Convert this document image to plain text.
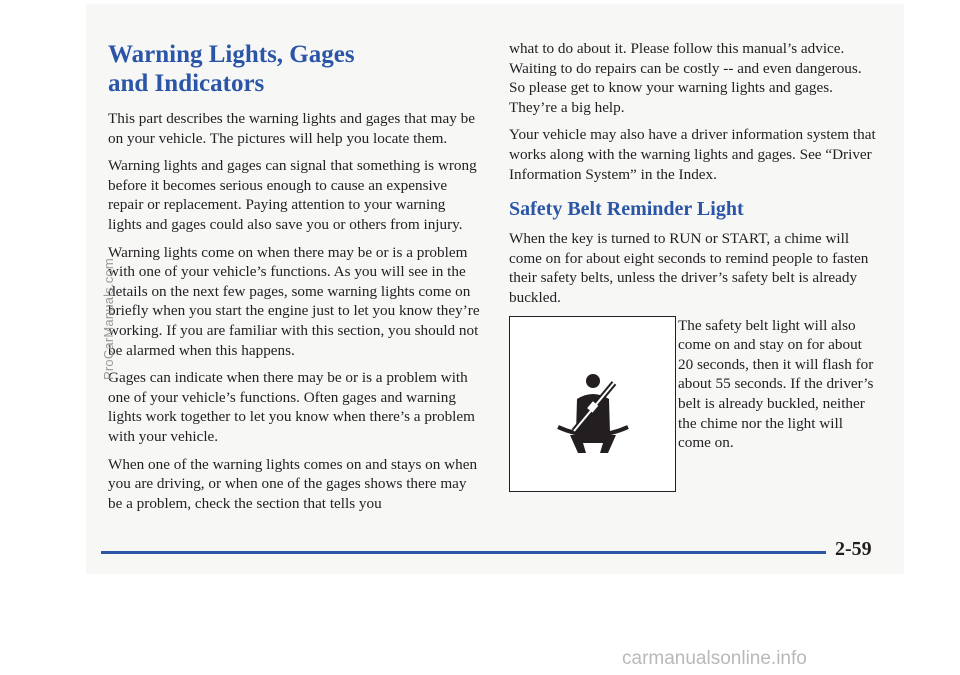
Warning Lights, Gages
and Indicators

This part describes the warning lights and gages that may be on your vehicle. The pictures will help you locate them.

Warning lights and gages can signal that something is wrong before it becomes serious enough to cause an expensive repair or replacement. Paying attention to your warning lights and gages could also save you or others from injury.

Warning lights come on when there may be or is a problem with one of your vehicle’s functions. As you will see in the details on the next few pages, some warning lights come on briefly when you start the engine just to let you know they’re working. If you are familiar with this section, you should not be alarmed when this happens.

Gages can indicate when there may be or is a problem with one of your vehicle’s functions. Often gages and warning lights work together to let you know when there’s a problem with your vehicle.

When one of the warning lights comes on and stays on when you are driving, or when one of the gages shows there may be a problem, check the section that tells you

what to do about it. Please follow this manual’s advice. Waiting to do repairs can be costly -- and even dangerous. So please get to know your warning lights and gages. They’re a big help.

Your vehicle may also have a driver information system that works along with the warning lights and gages. See “Driver Information System” in the Index.

Safety Belt Reminder Light

When the key is turned to RUN or START, a chime will come on for about eight seconds to remind people to fasten their safety belts, unless the driver’s safety belt is already buckled.

The safety belt light will also come on and stay on for about 20 seconds, then it will flash for about 55 seconds. If the driver’s belt is already buckled, neither the chime nor the light will come on.

2-59
ProCarManuals.com
carmanualsonline.info
